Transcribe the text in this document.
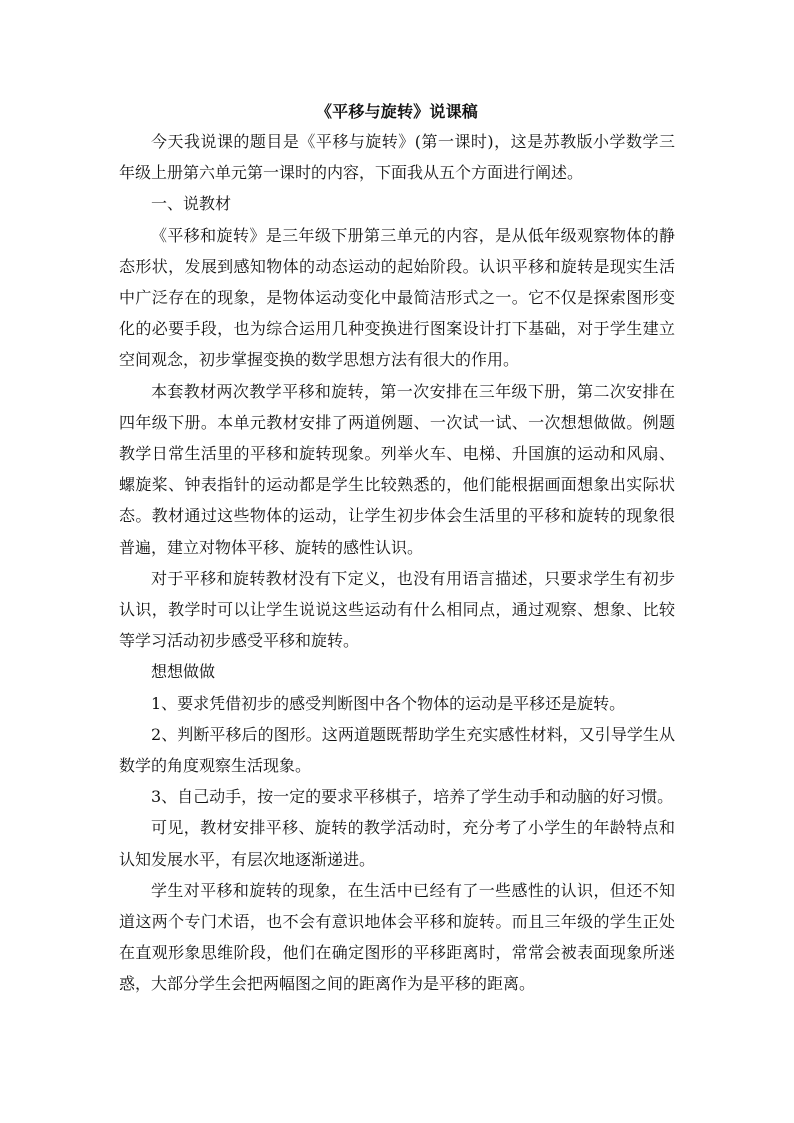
《平移与旋转》说课稿
今天我说课的题目是《平移与旋转》(第一课时)，这是苏教版小学数学三年级上册第六单元第一课时的内容，下面我从五个方面进行阐述。
一、说教材
《平移和旋转》是三年级下册第三单元的内容，是从低年级观察物体的静态形状，发展到感知物体的动态运动的起始阶段。认识平移和旋转是现实生活中广泛存在的现象，是物体运动变化中最简洁形式之一。它不仅是探索图形变化的必要手段，也为综合运用几种变换进行图案设计打下基础，对于学生建立空间观念，初步掌握变换的数学思想方法有很大的作用。
本套教材两次教学平移和旋转，第一次安排在三年级下册，第二次安排在四年级下册。本单元教材安排了两道例题、一次试一试、一次想想做做。例题教学日常生活里的平移和旋转现象。列举火车、电梯、升国旗的运动和风扇、螺旋桨、钟表指针的运动都是学生比较熟悉的，他们能根据画面想象出实际状态。教材通过这些物体的运动，让学生初步体会生活里的平移和旋转的现象很普遍，建立对物体平移、旋转的感性认识。
对于平移和旋转教材没有下定义，也没有用语言描述，只要求学生有初步认识，教学时可以让学生说说这些运动有什么相同点，通过观察、想象、比较等学习活动初步感受平移和旋转。
想想做做
1、要求凭借初步的感受判断图中各个物体的运动是平移还是旋转。
2、判断平移后的图形。这两道题既帮助学生充实感性材料，又引导学生从数学的角度观察生活现象。
3、自己动手，按一定的要求平移棋子，培养了学生动手和动脑的好习惯。
可见，教材安排平移、旋转的教学活动时，充分考了小学生的年龄特点和认知发展水平，有层次地逐渐递进。
学生对平移和旋转的现象，在生活中已经有了一些感性的认识，但还不知道这两个专门术语，也不会有意识地体会平移和旋转。而且三年级的学生正处在直观形象思维阶段，他们在确定图形的平移距离时，常常会被表面现象所迷惑，大部分学生会把两幅图之间的距离作为是平移的距离。
